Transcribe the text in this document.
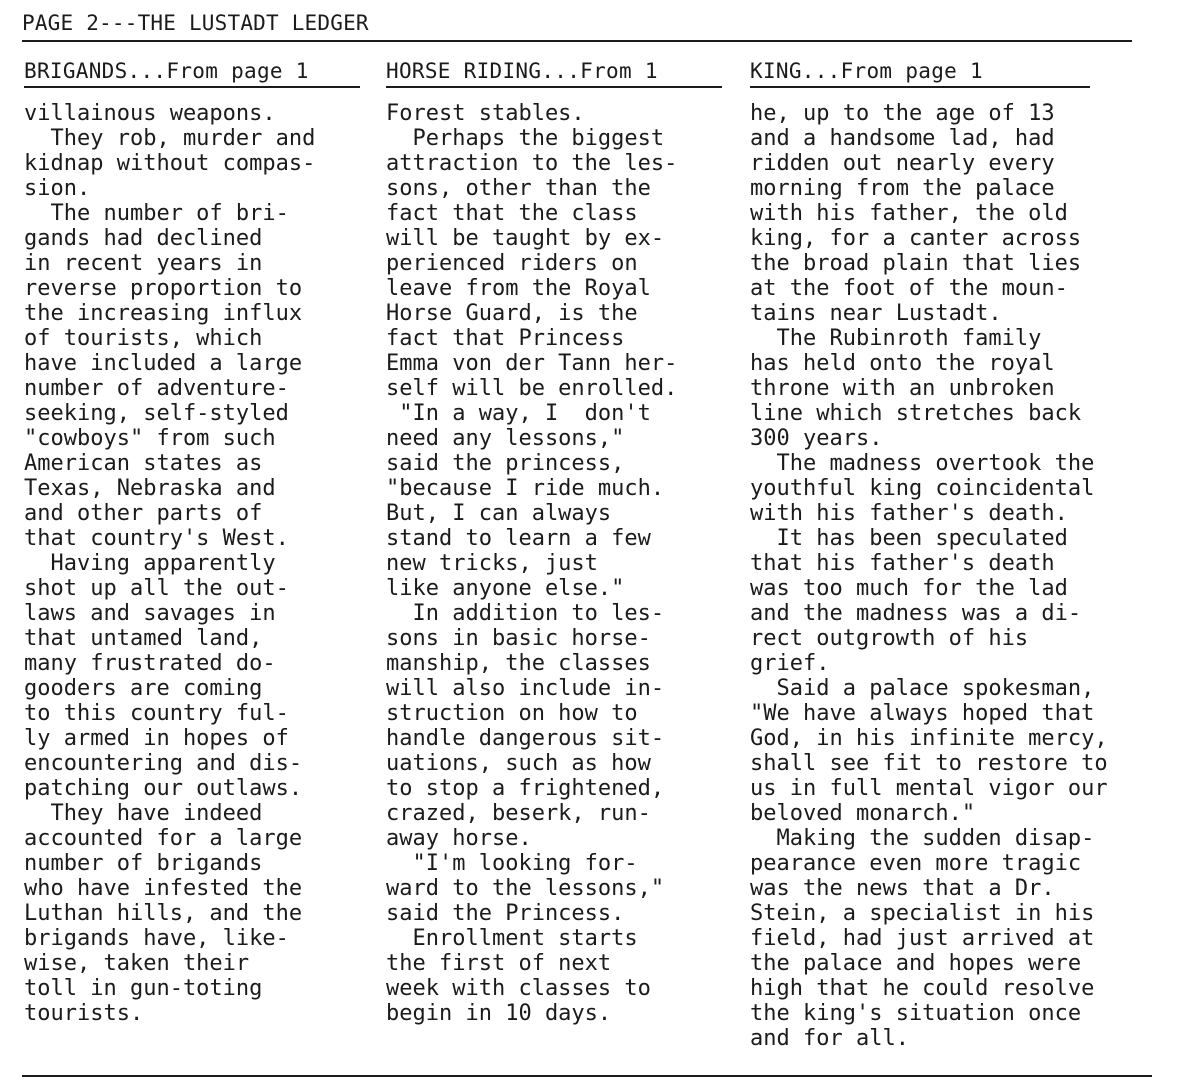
PAGE 2---THE LUSTADT LEDGER
BRIGANDS...From page 1
villainous weapons.
They rob, murder and
kidnap without compas-
sion.
The number of bri-
gands had declined
in recent years in
reverse proportion to
the increasing influx
of tourists, which
have included a large
number of adventure-
seeking, self-styled
"cowboys" from such
American states as
Texas, Nebraska and
and other parts of
that country's West.
Having apparently
shot up all the out-
laws and savages in
that untamed land,
many frustrated do-
gooders are coming
to this country ful-
ly armed in hopes of
encountering and dis-
patching our outlaws.
They have indeed
accounted for a large
number of brigands
who have infested the
Luthan hills, and the
brigands have, like-
wise, taken their
toll in gun-toting
tourists.
HORSE RIDING...From 1
Forest stables.
Perhaps the biggest
attraction to the les-
sons, other than the
fact that the class
will be taught by ex-
perienced riders on
leave from the Royal
Horse Guard, is the
fact that Princess
Emma von der Tann her-
self will be enrolled.
"In a way, I  don't
need any lessons,"
said the princess,
"because I ride much.
But, I can always
stand to learn a few
new tricks, just
like anyone else."
In addition to les-
sons in basic horse-
manship, the classes
will also include in-
struction on how to
handle dangerous sit-
uations, such as how
to stop a frightened,
crazed, beserk, run-
away horse.
"I'm looking for-
ward to the lessons,"
said the Princess.
Enrollment starts
the first of next
week with classes to
begin in 10 days.
KING...From page 1
he, up to the age of 13
and a handsome lad, had
ridden out nearly every
morning from the palace
with his father, the old
king, for a canter across
the broad plain that lies
at the foot of the moun-
tains near Lustadt.
The Rubinroth family
has held onto the royal
throne with an unbroken
line which stretches back
300 years.
The madness overtook the
youthful king coincidental
with his father's death.
It has been speculated
that his father's death
was too much for the lad
and the madness was a di-
rect outgrowth of his
grief.
Said a palace spokesman,
"We have always hoped that
God, in his infinite mercy,
shall see fit to restore to
us in full mental vigor our
beloved monarch."
Making the sudden disap-
pearance even more tragic
was the news that a Dr.
Stein, a specialist in his
field, had just arrived at
the palace and hopes were
high that he could resolve
the king's situation once
and for all.
